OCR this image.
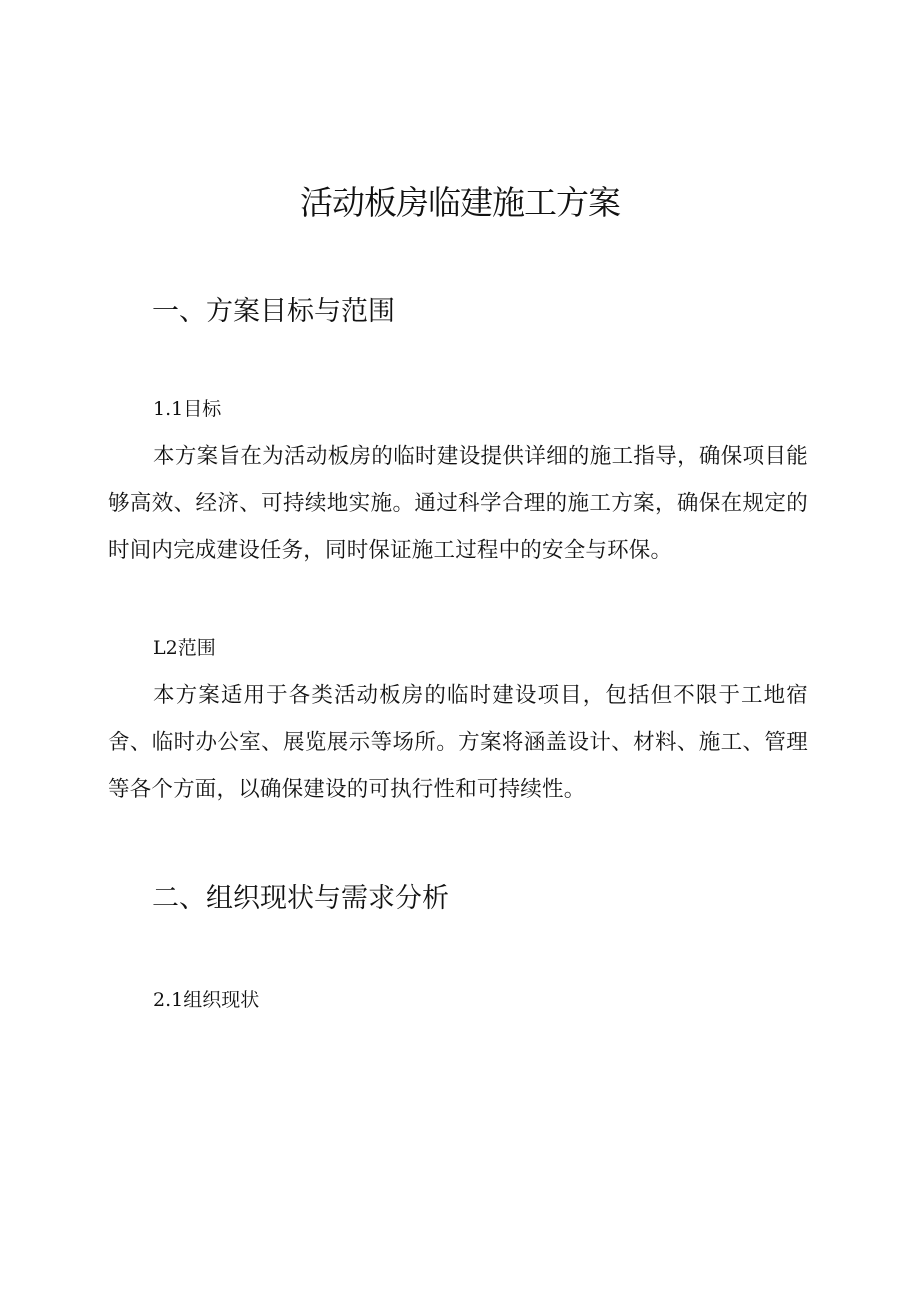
活动板房临建施工方案
一、方案目标与范围
1.1目标

本方案旨在为活动板房的临时建设提供详细的施工指导，确保项目能够高效、经济、可持续地实施。通过科学合理的施工方案，确保在规定的时间内完成建设任务，同时保证施工过程中的安全与环保。

L2范围

本方案适用于各类活动板房的临时建设项目，包括但不限于工地宿舍、临时办公室、展览展示等场所。方案将涵盖设计、材料、施工、管理等各个方面，以确保建设的可执行性和可持续性。

二、组织现状与需求分析
2.1组织现状
